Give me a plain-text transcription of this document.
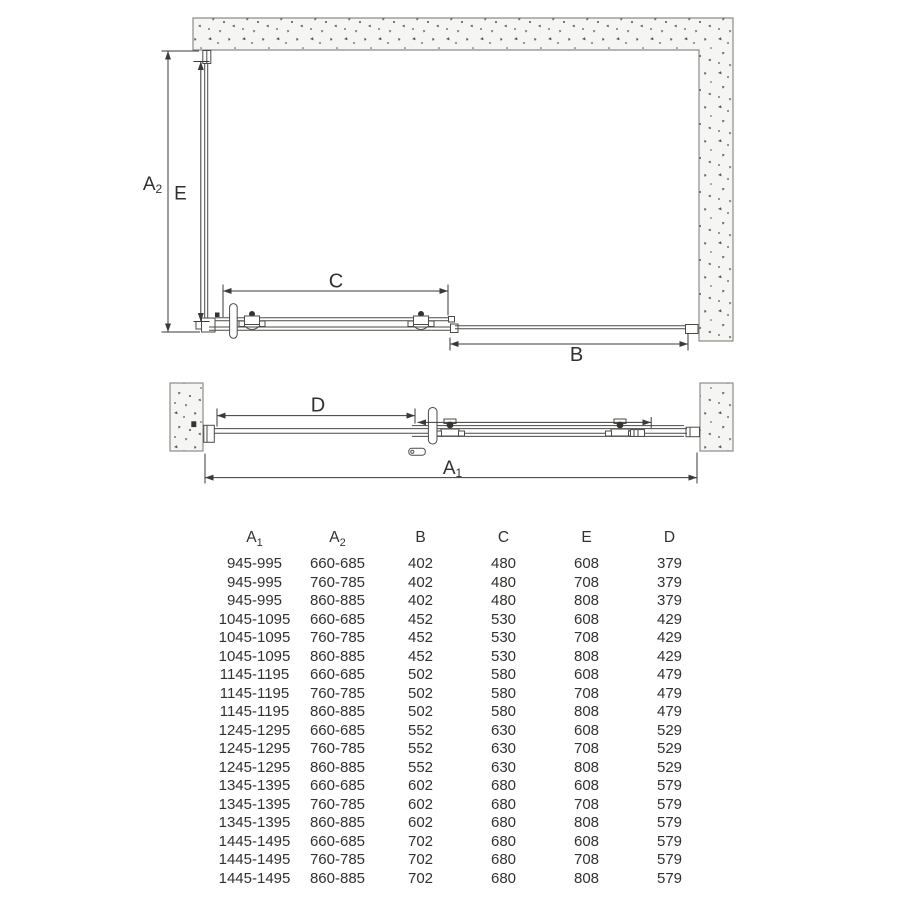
A2 E
C
B
D
A1
$A_1$	$A_2$	B	C	E	D
945-995	660-685	402	480	608	379
945-995	760-785	402	480	708	379
945-995	860-885	402	480	808	379
1045-1095	660-685	452	530	608	429
1045-1095	760-785	452	530	708	429
1045-1095	860-885	452	530	808	429
1145-1195	660-685	502	580	608	479
1145-1195	760-785	502	580	708	479
1145-1195	860-885	502	580	808	479
1245-1295	660-685	552	630	608	529
1245-1295	760-785	552	630	708	529
1245-1295	860-885	552	630	808	529
1345-1395	660-685	602	680	608	579
1345-1395	760-785	602	680	708	579
1345-1395	860-885	602	680	808	579
1445-1495	660-685	702	680	608	579
1445-1495	760-785	702	680	708	579
1445-1495	860-885	702	680	808	579
